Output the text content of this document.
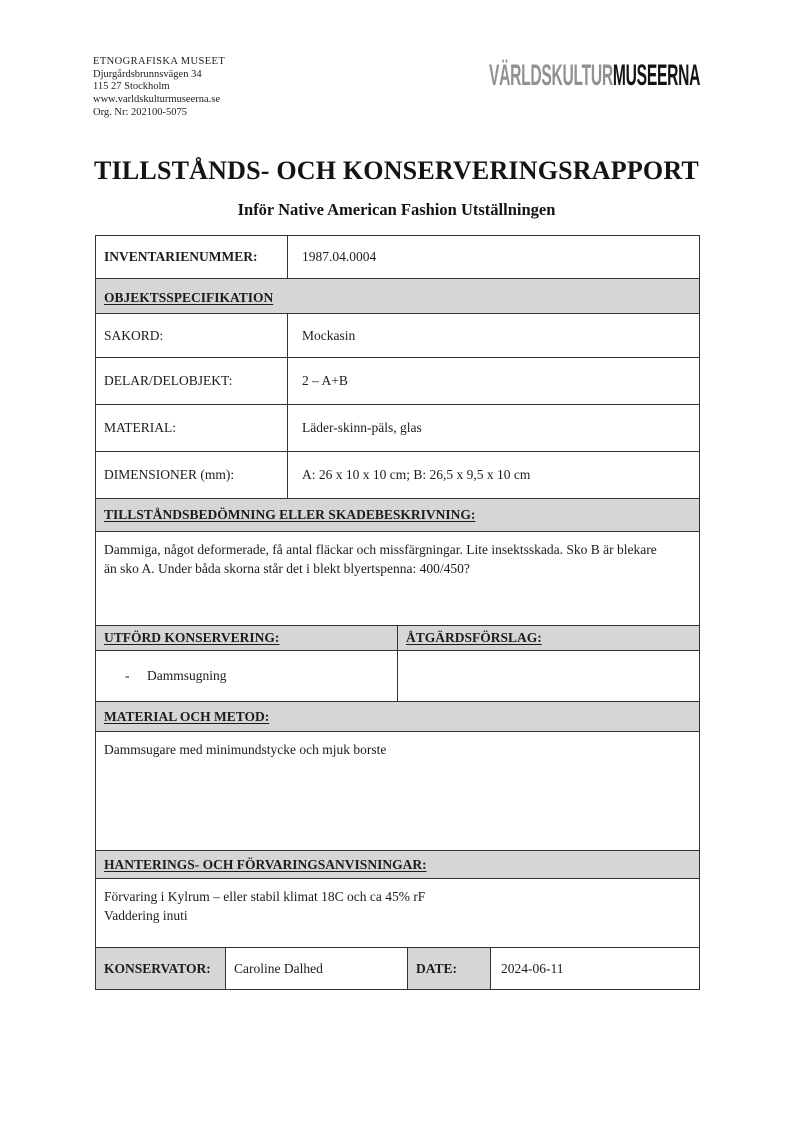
ETNOGRAFISKA MUSEET
Djurgårdsbrunnsvägen 34
115 27 Stockholm
www.varldskulturmuseerna.se
Org. Nr: 202100-5075
VÄRLDSKULTURMUSEERNA
TILLSTÅNDS- OCH KONSERVERINGSRAPPORT
Inför Native American Fashion Utställningen
INVENTARIENUMMER:	1987.04.0004
OBJEKTSSPECIFIKATION
SAKORD:	Mockasin
DELAR/DELOBJEKT:	2 – A+B
MATERIAL:	Läder-skinn-päls, glas
DIMENSIONER (mm):	A: 26 x 10 x 10 cm; B: 26,5 x 9,5 x 10 cm
TILLSTÅNDSBEDÖMNING ELLER SKADEBESKRIVNING:
Dammiga, något deformerade, få antal fläckar och missfärgningar. Lite insektsskada. Sko B är blekare än sko A. Under båda skorna står det i blekt blyertspenna: 400/450?
UTFÖRD KONSERVERING:	ÅTGÄRDSFÖRSLAG:
-	Dammsugning
MATERIAL OCH METOD:
Dammsugare med minimundstycke och mjuk borste
HANTERINGS- OCH FÖRVARINGSANVISNINGAR:
Förvaring i Kylrum – eller stabil klimat 18C och ca 45% rF
Vaddering inuti
KONSERVATOR:	Caroline Dalhed	DATE:	2024-06-11
